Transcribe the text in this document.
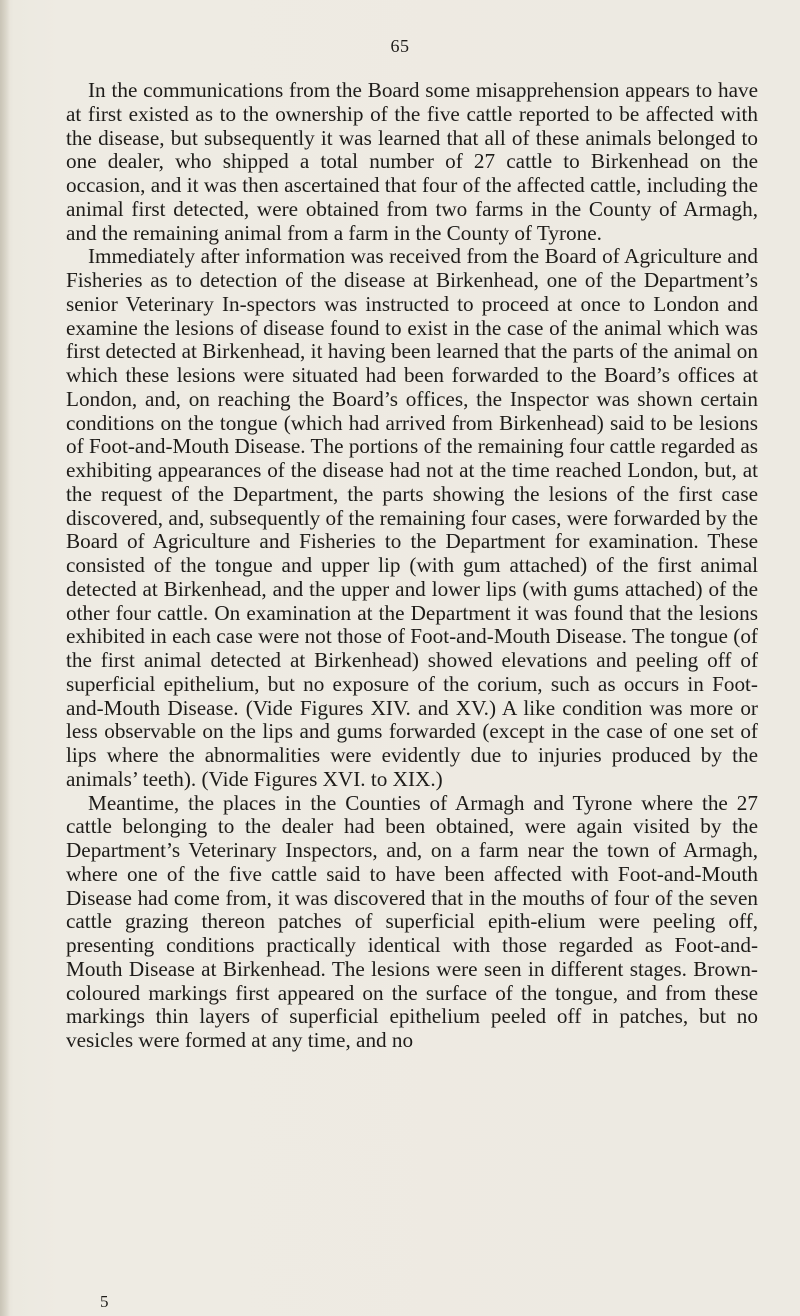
65

In the communications from the Board some misapprehension appears to have at first existed as to the ownership of the five cattle reported to be affected with the disease, but subsequently it was learned that all of these animals belonged to one dealer, who shipped a total number of 27 cattle to Birkenhead on the occasion, and it was then ascertained that four of the affected cattle, including the animal first detected, were obtained from two farms in the County of Armagh, and the remaining animal from a farm in the County of Tyrone.

Immediately after information was received from the Board of Agriculture and Fisheries as to detection of the disease at Birkenhead, one of the Department’s senior Veterinary In-spectors was instructed to proceed at once to London and examine the lesions of disease found to exist in the case of the animal which was first detected at Birkenhead, it having been learned that the parts of the animal on which these lesions were situated had been forwarded to the Board’s offices at London, and, on reaching the Board’s offices, the Inspector was shown certain conditions on the tongue (which had arrived from Birkenhead) said to be lesions of Foot-and-Mouth Disease. The portions of the remaining four cattle regarded as exhibiting appearances of the disease had not at the time reached London, but, at the request of the Department, the parts showing the lesions of the first case discovered, and, subsequently of the remaining four cases, were forwarded by the Board of Agriculture and Fisheries to the Department for examination. These consisted of the tongue and upper lip (with gum attached) of the first animal detected at Birkenhead, and the upper and lower lips (with gums attached) of the other four cattle. On examination at the Department it was found that the lesions exhibited in each case were not those of Foot-and-Mouth Disease. The tongue (of the first animal detected at Birkenhead) showed elevations and peeling off of superficial epithelium, but no exposure of the corium, such as occurs in Foot-and-Mouth Disease. (Vide Figures XIV. and XV.) A like condition was more or less observable on the lips and gums forwarded (except in the case of one set of lips where the abnormalities were evidently due to injuries produced by the animals’ teeth). (Vide Figures XVI. to XIX.)

Meantime, the places in the Counties of Armagh and Tyrone where the 27 cattle belonging to the dealer had been obtained, were again visited by the Department’s Veterinary Inspectors, and, on a farm near the town of Armagh, where one of the five cattle said to have been affected with Foot-and-Mouth Disease had come from, it was discovered that in the mouths of four of the seven cattle grazing thereon patches of superficial epith-elium were peeling off, presenting conditions practically identical with those regarded as Foot-and-Mouth Disease at Birkenhead. The lesions were seen in different stages. Brown-coloured markings first appeared on the surface of the tongue, and from these markings thin layers of superficial epithelium peeled off in patches, but no vesicles were formed at any time, and no

5
